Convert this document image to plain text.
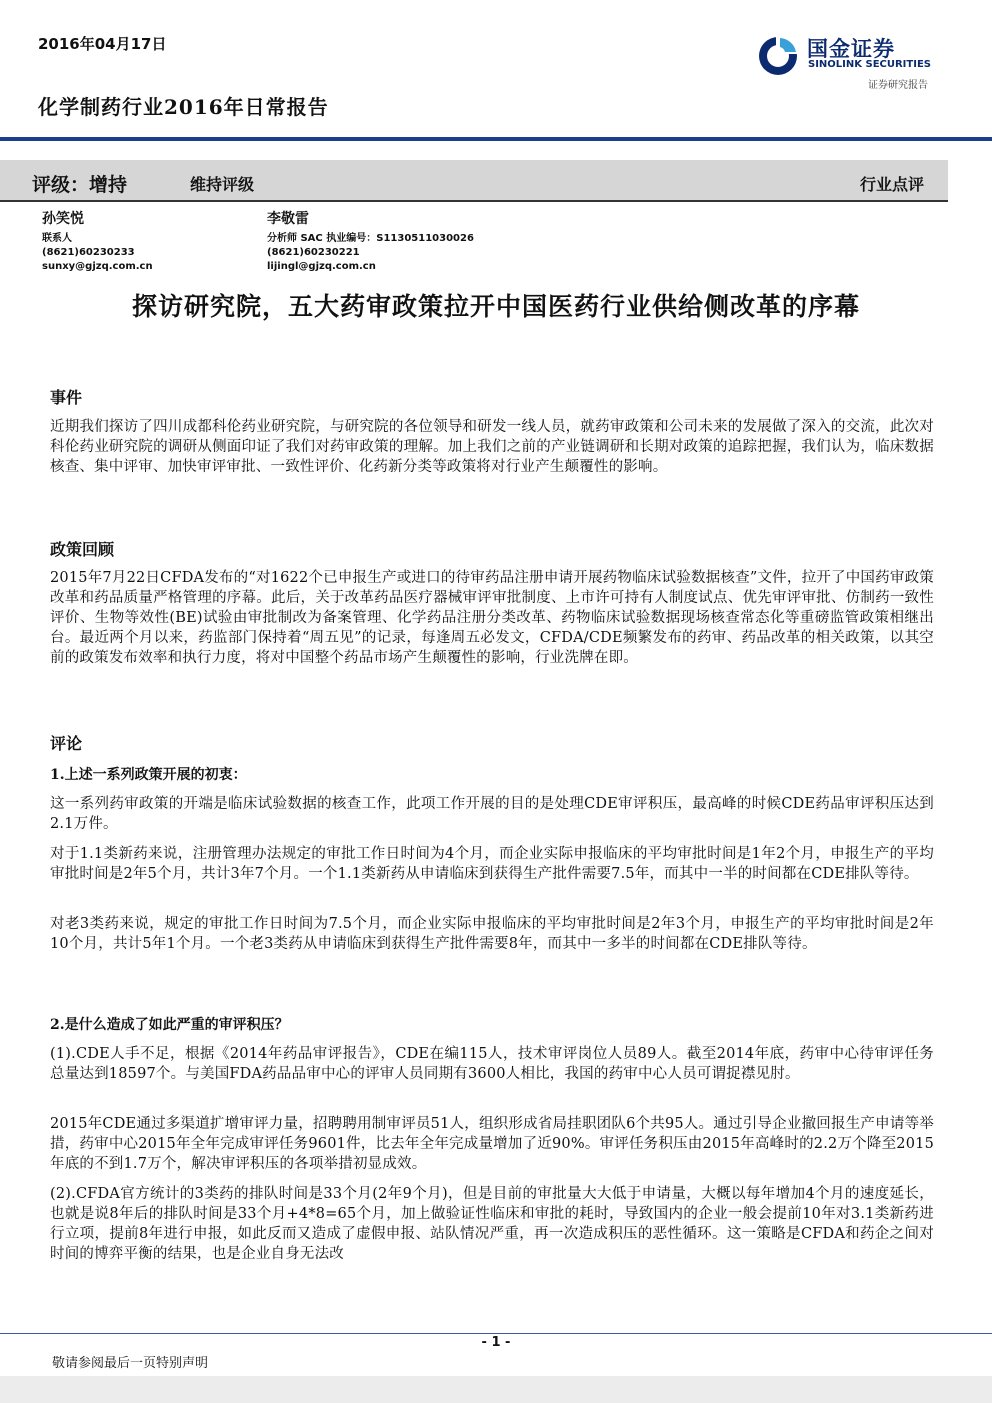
2016年04月17日	国金证券
SINOLINK SECURITIES
证券研究报告
化学制药行业2016年日常报告
评级：增持	维持评级	行业点评
孙笑悦
联系人
(8621)60230233
sunxy@gjzq.com.cn
李敬雷
分析师 SAC 执业编号：S1130511030026
(8621)60230221
lijingl@gjzq.com.cn
探访研究院，五大药审政策拉开中国医药行业供给侧改革的序幕
事件
近期我们探访了四川成都科伦药业研究院，与研究院的各位领导和研发一线人员，就药审政策和公司未来的发展做了深入的交流，此次对科伦药业研究院的调研从侧面印证了我们对药审政策的理解。加上我们之前的产业链调研和长期对政策的追踪把握，我们认为，临床数据核查、集中评审、加快审评审批、一致性评价、化药新分类等政策将对行业产生颠覆性的影响。
政策回顾
2015年7月22日CFDA发布的“对1622个已申报生产或进口的待审药品注册申请开展药物临床试验数据核查”文件，拉开了中国药审政策改革和药品质量严格管理的序幕。此后，关于改革药品医疗器械审评审批制度、上市许可持有人制度试点、优先审评审批、仿制药一致性评价、生物等效性(BE)试验由审批制改为备案管理、化学药品注册分类改革、药物临床试验数据现场核查常态化等重磅监管政策相继出台。最近两个月以来，药监部门保持着“周五见”的记录，每逢周五必发文，CFDA/CDE频繁发布的药审、药品改革的相关政策，以其空前的政策发布效率和执行力度，将对中国整个药品市场产生颠覆性的影响，行业洗牌在即。
评论
1.上述一系列政策开展的初衷：
这一系列药审政策的开端是临床试验数据的核查工作，此项工作开展的目的是处理CDE审评积压，最高峰的时候CDE药品审评积压达到2.1万件。
对于1.1类新药来说，注册管理办法规定的审批工作日时间为4个月，而企业实际申报临床的平均审批时间是1年2个月，申报生产的平均审批时间是2年5个月，共计3年7个月。一个1.1类新药从申请临床到获得生产批件需要7.5年，而其中一半的时间都在CDE排队等待。
对老3类药来说，规定的审批工作日时间为7.5个月，而企业实际申报临床的平均审批时间是2年3个月，申报生产的平均审批时间是2年10个月，共计5年1个月。一个老3类药从申请临床到获得生产批件需要8年，而其中一多半的时间都在CDE排队等待。
2.是什么造成了如此严重的审评积压？
(1).CDE人手不足，根据《2014年药品审评报告》，CDE在编115人，技术审评岗位人员89人。截至2014年底，药审中心待审评任务总量达到18597个。与美国FDA药品品审中心的评审人员同期有3600人相比，我国的药审中心人员可谓捉襟见肘。
2015年CDE通过多渠道扩增审评力量，招聘聘用制审评员51人，组织形成省局挂职团队6个共95人。通过引导企业撤回报生产申请等举措，药审中心2015年全年完成审评任务9601件，比去年全年完成量增加了近90%。审评任务积压由2015年高峰时的2.2万个降至2015年底的不到1.7万个，解决审评积压的各项举措初显成效。
(2).CFDA官方统计的3类药的排队时间是33个月(2年9个月)，但是目前的审批量大大低于申请量，大概以每年增加4个月的速度延长，也就是说8年后的排队时间是33个月+4*8=65个月，加上做验证性临床和审批的耗时，导致国内的企业一般会提前10年对3.1类新药进行立项，提前8年进行申报，如此反而又造成了虚假申报、站队情况严重，再一次造成积压的恶性循环。这一策略是CFDA和药企之间对时间的博弈平衡的结果，也是企业自身无法改
- 1 -
敬请参阅最后一页特别声明
